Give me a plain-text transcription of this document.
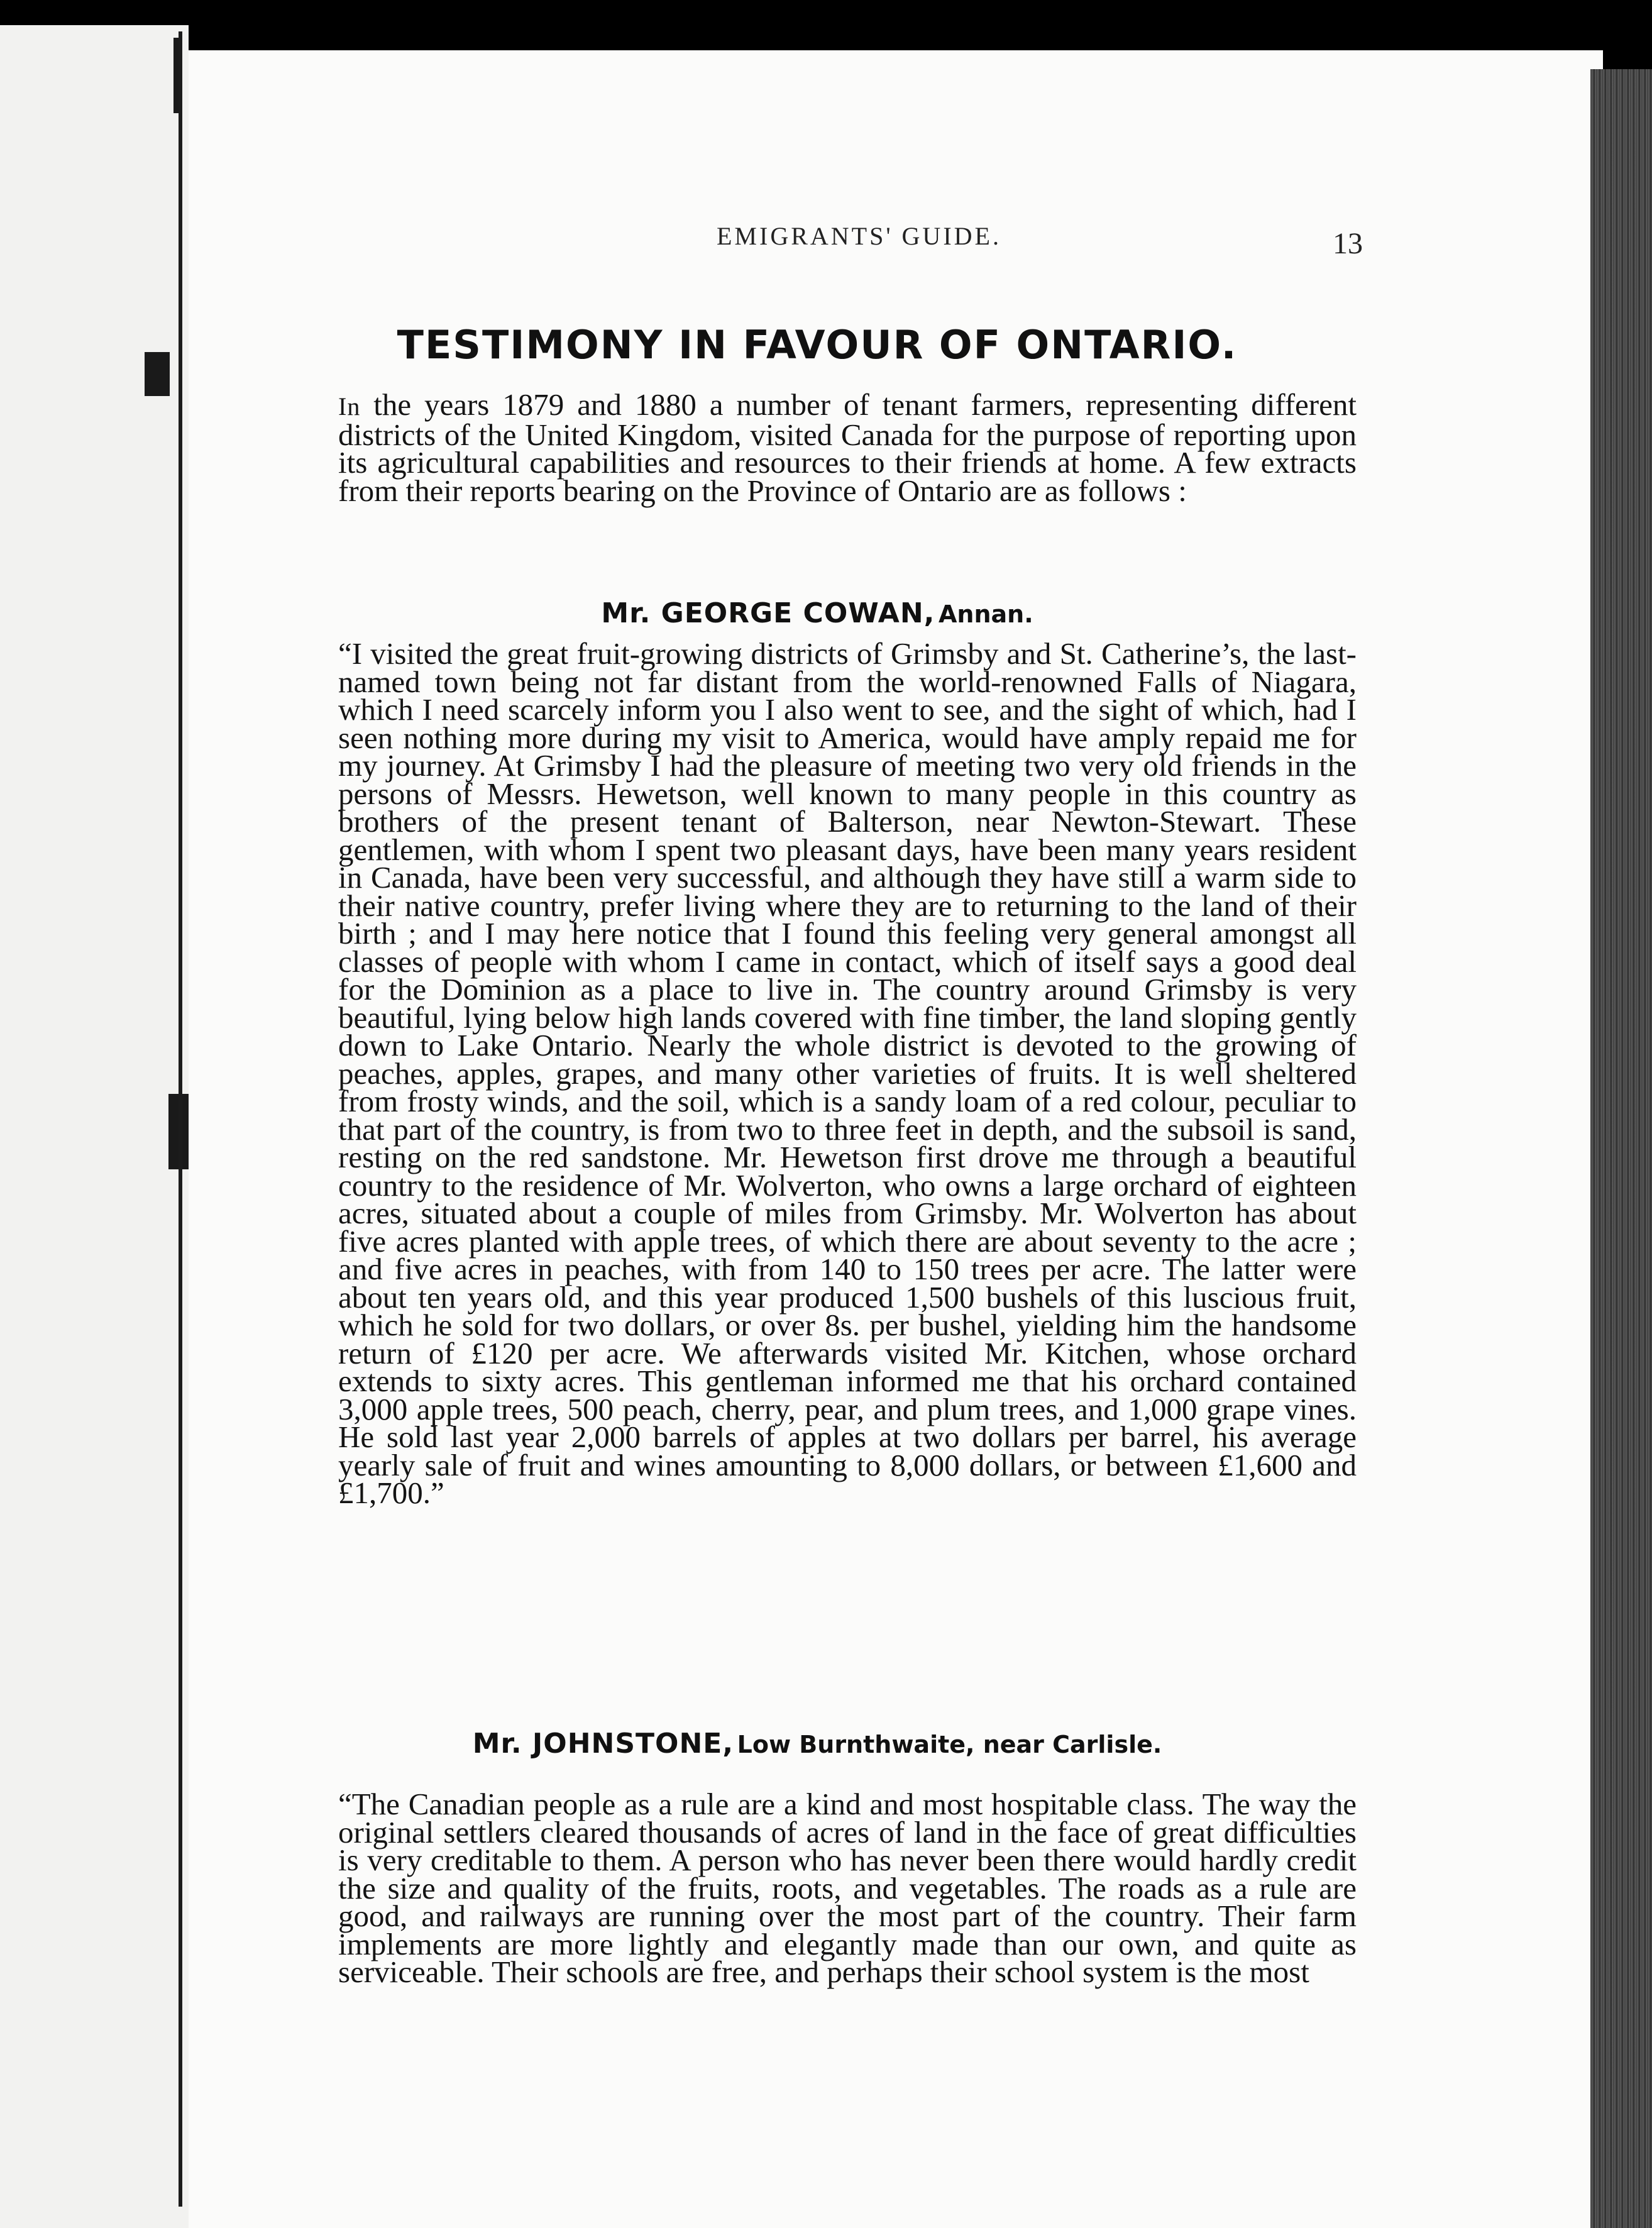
EMIGRANTS' GUIDE.	13
TESTIMONY IN FAVOUR OF ONTARIO.
In the years 1879 and 1880 a number of tenant farmers, representing different districts of the United Kingdom, visited Canada for the purpose of reporting upon its agricultural capabilities and resources to their friends at home. A few extracts from their reports bearing on the Province of Ontario are as follows :
Mr. GEORGE COWAN, Annan.
“I visited the great fruit-growing districts of Grimsby and St. Catherine’s, the last-named town being not far distant from the world-renowned Falls of Niagara, which I need scarcely inform you I also went to see, and the sight of which, had I seen nothing more during my visit to America, would have amply repaid me for my journey. At Grimsby I had the pleasure of meeting two very old friends in the persons of Messrs. Hewetson, well known to many people in this country as brothers of the present tenant of Balterson, near Newton-Stewart. These gentlemen, with whom I spent two pleasant days, have been many years resident in Canada, have been very successful, and although they have still a warm side to their native country, prefer living where they are to returning to the land of their birth ; and I may here notice that I found this feeling very general amongst all classes of people with whom I came in contact, which of itself says a good deal for the Dominion as a place to live in. The country around Grimsby is very beautiful, lying below high lands covered with fine timber, the land sloping gently down to Lake Ontario. Nearly the whole district is devoted to the growing of peaches, apples, grapes, and many other varieties of fruits. It is well sheltered from frosty winds, and the soil, which is a sandy loam of a red colour, peculiar to that part of the country, is from two to three feet in depth, and the subsoil is sand, resting on the red sandstone. Mr. Hewetson first drove me through a beautiful country to the residence of Mr. Wolverton, who owns a large orchard of eighteen acres, situated about a couple of miles from Grimsby. Mr. Wolverton has about five acres planted with apple trees, of which there are about seventy to the acre ; and five acres in peaches, with from 140 to 150 trees per acre. The latter were about ten years old, and this year produced 1,500 bushels of this luscious fruit, which he sold for two dollars, or over 8s. per bushel, yielding him the handsome return of £120 per acre. We afterwards visited Mr. Kitchen, whose orchard extends to sixty acres. This gentleman informed me that his orchard contained 3,000 apple trees, 500 peach, cherry, pear, and plum trees, and 1,000 grape vines. He sold last year 2,000 barrels of apples at two dollars per barrel, his average yearly sale of fruit and wines amounting to 8,000 dollars, or between £1,600 and £1,700.”
Mr. JOHNSTONE, Low Burnthwaite, near Carlisle.
“The Canadian people as a rule are a kind and most hospitable class. The way the original settlers cleared thousands of acres of land in the face of great difficulties is very creditable to them. A person who has never been there would hardly credit the size and quality of the fruits, roots, and vegetables. The roads as a rule are good, and railways are running over the most part of the country. Their farm implements are more lightly and elegantly made than our own, and quite as serviceable. Their schools are free, and perhaps their school system is the most
